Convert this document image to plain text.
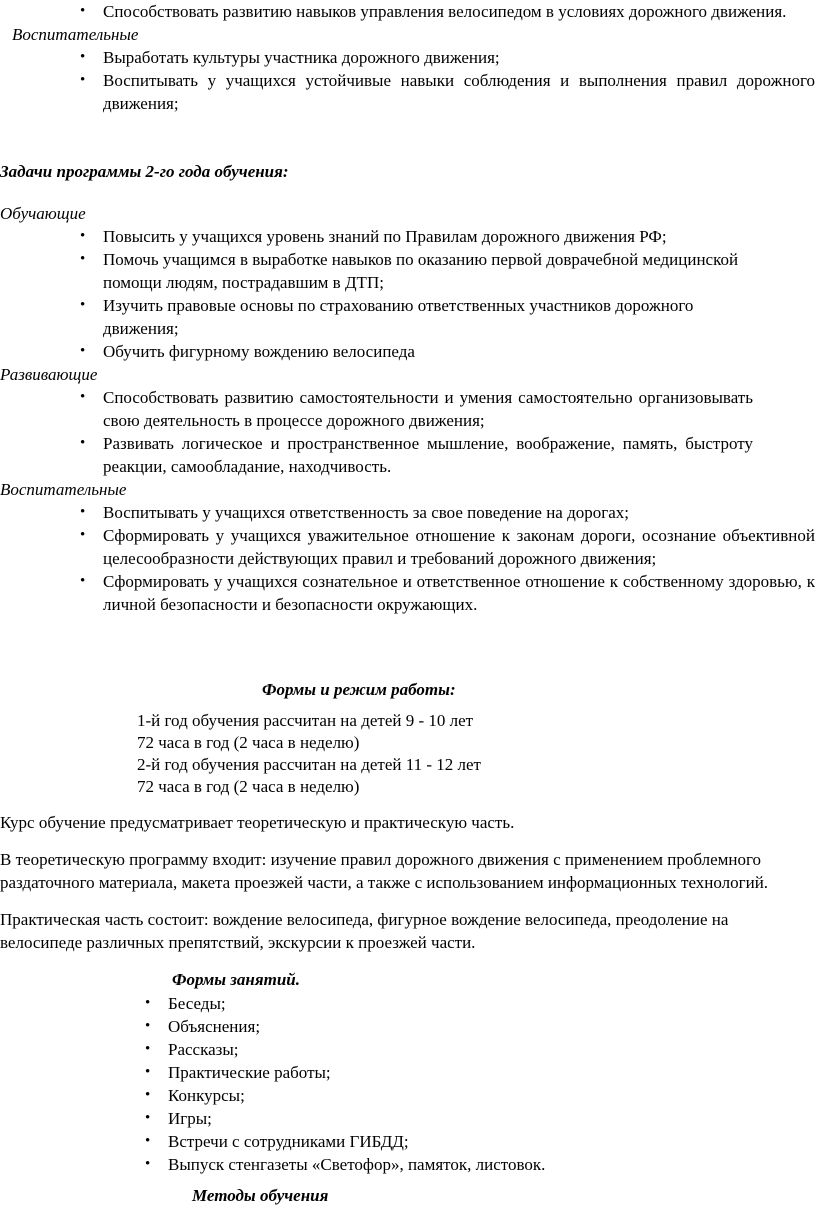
• Способствовать развитию навыков управления велосипедом в условиях дорожного движения.
Воспитательные
• Выработать культуры участника дорожного движения;
• Воспитывать у учащихся устойчивые навыки соблюдения и выполнения правил дорожного движения;
Задачи программы 2-го года обучения:
Обучающие
• Повысить у учащихся уровень знаний по Правилам дорожного движения РФ;
• Помочь учащимся в выработке навыков по оказанию первой доврачебной медицинской помощи людям, пострадавшим в ДТП;
• Изучить правовые основы по страхованию ответственных участников дорожного движения;
• Обучить фигурному вождению велосипеда
Развивающие
• Способствовать развитию самостоятельности и умения самостоятельно организовывать свою деятельность в процессе дорожного движения;
• Развивать логическое и пространственное мышление, воображение, память, быстроту реакции, самообладание, находчивость.
Воспитательные
• Воспитывать у учащихся ответственность за свое поведение на дорогах;
• Сформировать у учащихся уважительное отношение к законам дороги, осознание объективной целесообразности действующих правил и требований дорожного движения;
• Сформировать у учащихся сознательное и ответственное отношение к собственному здоровью, к личной безопасности и безопасности окружающих.
Формы и режим работы:
1-й год обучения рассчитан на детей 9 - 10 лет
72 часа в год (2 часа в неделю)
2-й год обучения рассчитан на детей 11 - 12 лет
72 часа в год (2 часа в неделю)

Курс обучение предусматривает теоретическую и практическую часть.

В теоретическую программу входит: изучение правил дорожного движения с применением проблемного раздаточного материала, макета проезжей части, а также с использованием информационных технологий.

Практическая часть состоит: вождение велосипеда, фигурное вождение велосипеда, преодоление на велосипеде различных препятствий, экскурсии к проезжей части.

Формы занятий.
• Беседы;
• Объяснения;
• Рассказы;
• Практические работы;
• Конкурсы;
• Игры;
• Встречи с сотрудниками ГИБДД;
• Выпуск стенгазеты «Светофор», памяток, листовок.
Методы обучения
